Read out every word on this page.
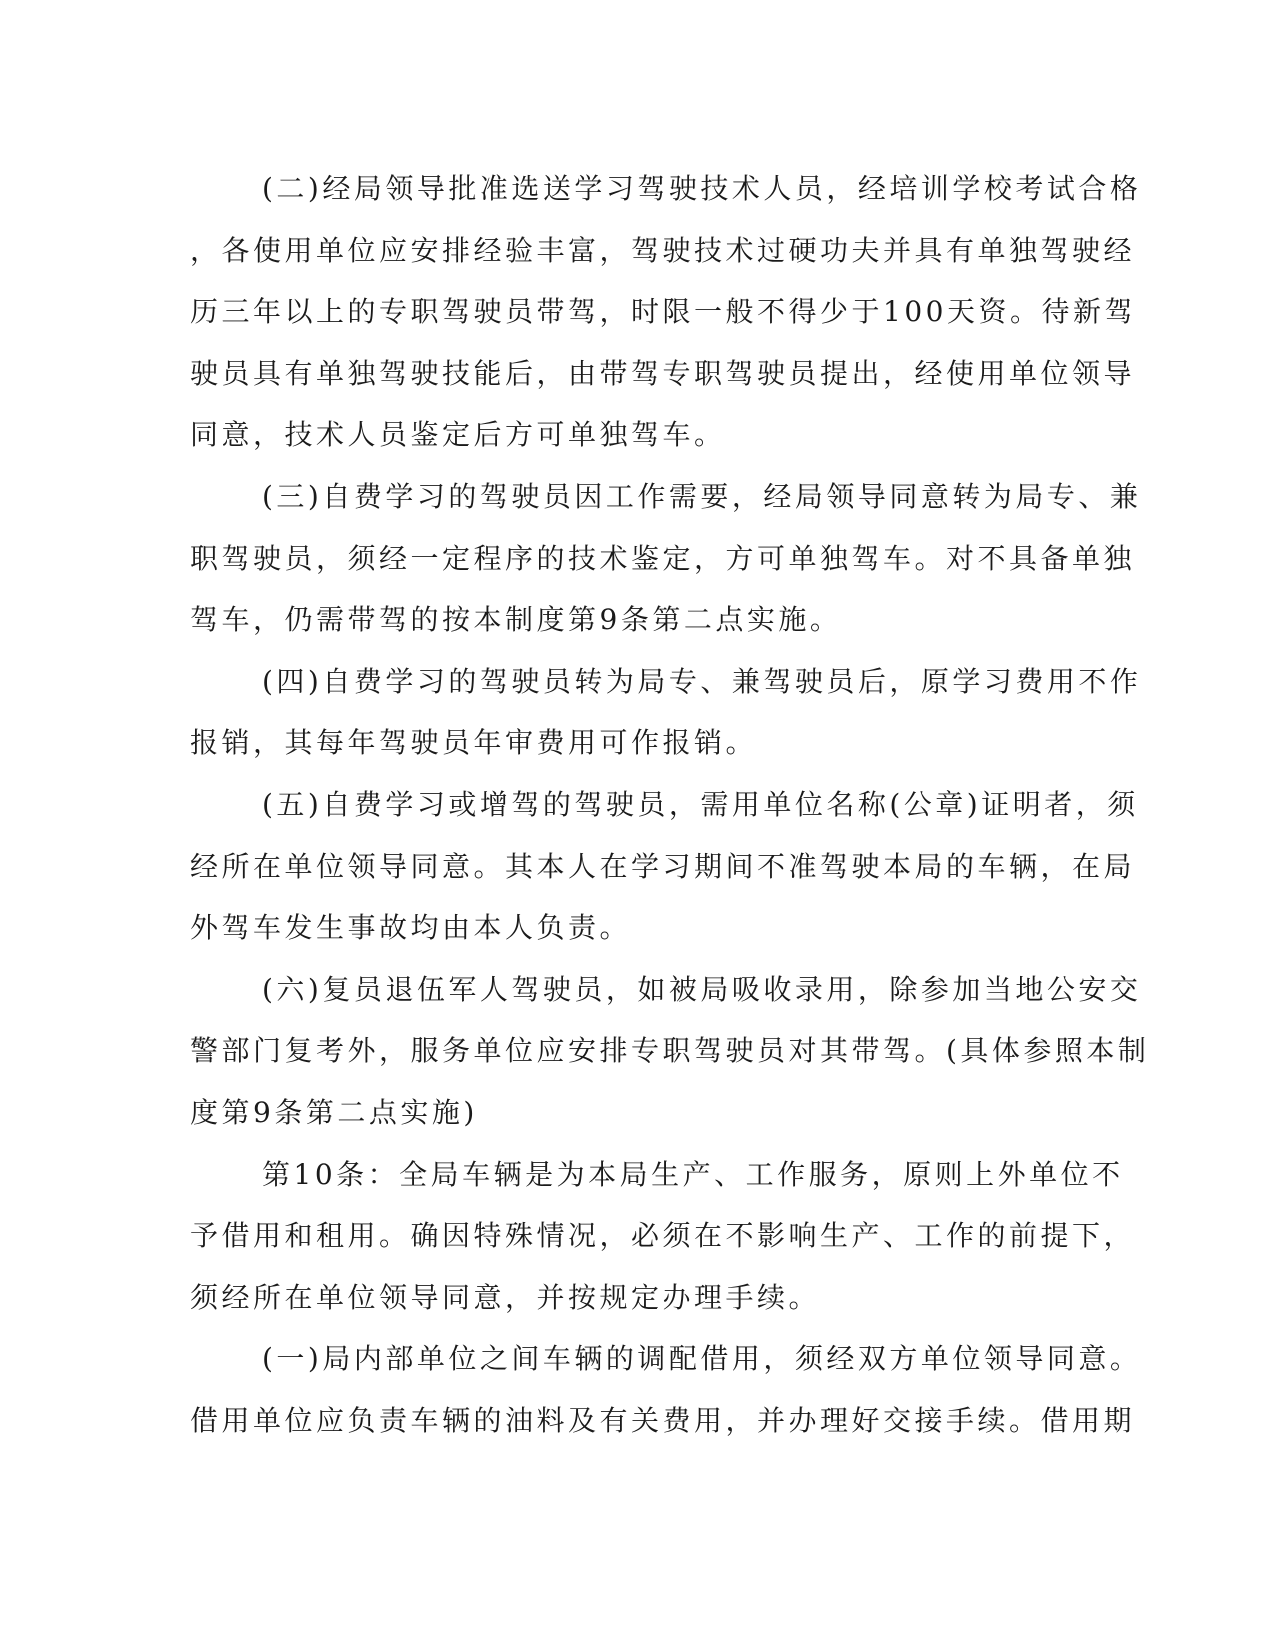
(二)经局领导批准选送学习驾驶技术人员，经培训学校考试合格
，各使用单位应安排经验丰富，驾驶技术过硬功夫并具有单独驾驶经
历三年以上的专职驾驶员带驾，时限一般不得少于100天资。待新驾
驶员具有单独驾驶技能后，由带驾专职驾驶员提出，经使用单位领导
同意，技术人员鉴定后方可单独驾车。
(三)自费学习的驾驶员因工作需要，经局领导同意转为局专、兼
职驾驶员，须经一定程序的技术鉴定，方可单独驾车。对不具备单独
驾车，仍需带驾的按本制度第9条第二点实施。
(四)自费学习的驾驶员转为局专、兼驾驶员后，原学习费用不作
报销，其每年驾驶员年审费用可作报销。
(五)自费学习或增驾的驾驶员，需用单位名称(公章)证明者，须
经所在单位领导同意。其本人在学习期间不准驾驶本局的车辆，在局
外驾车发生事故均由本人负责。
(六)复员退伍军人驾驶员，如被局吸收录用，除参加当地公安交
警部门复考外，服务单位应安排专职驾驶员对其带驾。(具体参照本制
度第9条第二点实施)
第10条：全局车辆是为本局生产、工作服务，原则上外单位不
予借用和租用。确因特殊情况，必须在不影响生产、工作的前提下，
须经所在单位领导同意，并按规定办理手续。
(一)局内部单位之间车辆的调配借用，须经双方单位领导同意。
借用单位应负责车辆的油料及有关费用，并办理好交接手续。借用期
